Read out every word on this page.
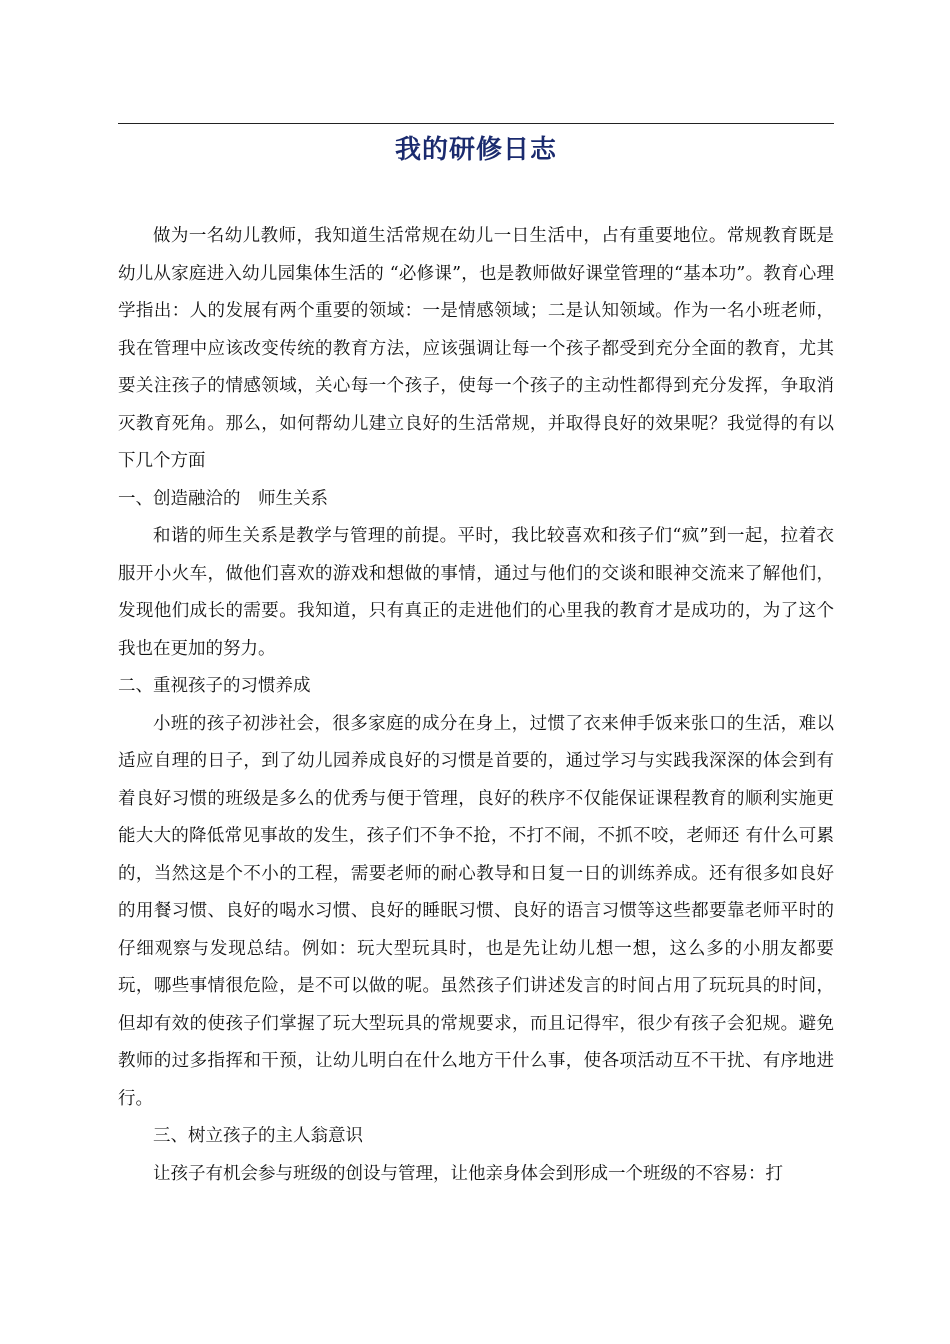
我的研修日志

做为一名幼儿教师，我知道生活常规在幼儿一日生活中，占有重要地位。常规教育既是幼儿从家庭进入幼儿园集体生活的 “必修课”，也是教师做好课堂管理的“基本功”。教育心理学指出：人的发展有两个重要的领域：一是情感领域；二是认知领域。作为一名小班老师，我在管理中应该改变传统的教育方法，应该强调让每一个孩子都受到充分全面的教育，尤其要关注孩子的情感领域，关心每一个孩子，使每一个孩子的主动性都得到充分发挥，争取消灭教育死角。那么，如何帮幼儿建立良好的生活常规，并取得良好的效果呢？我觉得的有以下几个方面

一、创造融洽的　师生关系

和谐的师生关系是教学与管理的前提。平时，我比较喜欢和孩子们“疯”到一起，拉着衣服开小火车，做他们喜欢的游戏和想做的事情，通过与他们的交谈和眼神交流来了解他们，发现他们成长的需要。我知道，只有真正的走进他们的心里我的教育才是成功的，为了这个我也在更加的努力。

二、重视孩子的习惯养成

小班的孩子初涉社会，很多家庭的成分在身上，过惯了衣来伸手饭来张口的生活，难以适应自理的日子，到了幼儿园养成良好的习惯是首要的，通过学习与实践我深深的体会到有着良好习惯的班级是多么的优秀与便于管理，良好的秩序不仅能保证课程教育的顺利实施更能大大的降低常见事故的发生，孩子们不争不抢，不打不闹，不抓不咬，老师还 有什么可累的，当然这是个不小的工程，需要老师的耐心教导和日复一日的训练养成。还有很多如良好的用餐习惯、良好的喝水习惯、良好的睡眠习惯、良好的语言习惯等这些都要靠老师平时的仔细观察与发现总结。例如：玩大型玩具时，也是先让幼儿想一想，这么多的小朋友都要玩，哪些事情很危险，是不可以做的呢。虽然孩子们讲述发言的时间占用了玩玩具的时间，但却有效的使孩子们掌握了玩大型玩具的常规要求，而且记得牢，很少有孩子会犯规。避免教师的过多指挥和干预，让幼儿明白在什么地方干什么事，使各项活动互不干扰、有序地进行。

三、树立孩子的主人翁意识

让孩子有机会参与班级的创设与管理，让他亲身体会到形成一个班级的不容易：打
